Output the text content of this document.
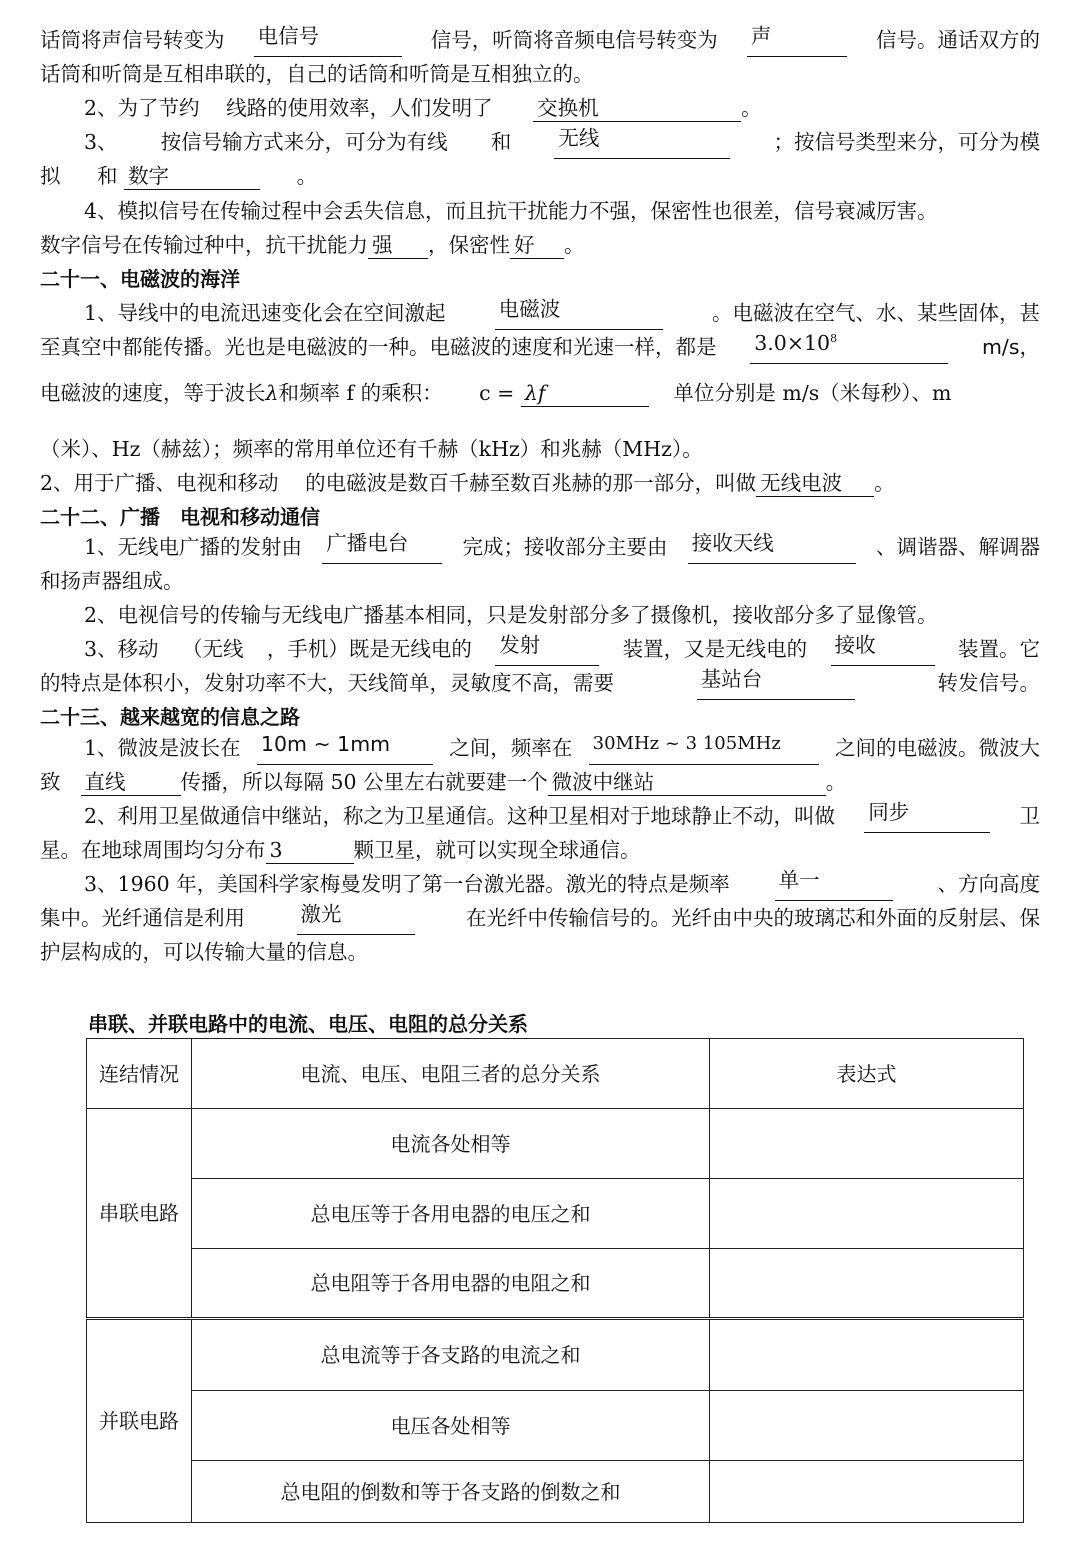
话筒将声信号转变为 电信号	信号，听筒将音频电信号转变为 声	信号。通话双方的
话筒和听筒是互相串联的，自己的话筒和听筒是互相独立的。
2、为了节约 线路的使用效率，人们发明了 交换机	。
3、 按信号输方式来分，可分为有线 和 无线	；按信号类型来分，可分为模
拟 和 数字	。
4、模拟信号在传输过程中会丢失信息，而且抗干扰能力不强，保密性也很差，信号衰减厉害。
数字信号在传输过种中，抗干扰能力 强 ，保密性 好 。
二十一、电磁波的海洋
1、导线中的电流迅速变化会在空间激起	电磁波	。电磁波在空气、水、某些固体，甚
至真空中都能传播。光也是电磁波的一种。电磁波的速度和光速一样，都是 $3.0\times 10^8$	m/s，
电磁波的速度，等于波长λ和频率 f 的乘积： c = λf	单位分别是 m/s（米每秒）、m
（米）、Hz（赫兹）；频率的常用单位还有千赫（kHz）和兆赫（MHz）。
2、用于广播、电视和移动 的电磁波是数百千赫至数百兆赫的那一部分，叫做 无线电波 。
二十二、广播　电视和移动通信
1、无线电广播的发射由 广播电台	完成；接收部分主要由 接收天线	、调谐器、解调器
和扬声器组成。
2、电视信号的传输与无线电广播基本相同，只是发射部分多了摄像机，接收部分多了显像管。
3、移动 （无线 ，手机）既是无线电的 发射	装置，又是无线电的 接收	装置。它
的特点是体积小，发射功率不大，天线简单，灵敏度不高，需要	基站台	转发信号。
二十三、越来越宽的信息之路
1、微波是波长在 10m ~ 1mm	之间，频率在 30MHz ~ 3 105MHz	之间的电磁波。微波大
致 直线	传播，所以每隔 50 公里左右就要建一个 微波中继站	。
2、利用卫星做通信中继站，称之为卫星通信。这种卫星相对于地球静止不动，叫做 同步	卫
星。在地球周围均匀分布 3	颗卫星，就可以实现全球通信。
3、1960 年，美国科学家梅曼发明了第一台激光器。激光的特点是频率 单一	、方向高度
集中。光纤通信是利用	激光	在光纤中传输信号的。光纤由中央的玻璃芯和外面的反射层、保
护层构成的，可以传输大量的信息。
串联、并联电路中的电流、电压、电阻的总分关系
连结情况	电流、电压、电阻三者的总分关系	表达式
串联电路	电流各处相等	
	总电压等于各用电器的电压之和	
	总电阻等于各用电器的电阻之和	
并联电路	总电流等于各支路的电流之和	
	电压各处相等	
	总电阻的倒数和等于各支路的倒数之和	
